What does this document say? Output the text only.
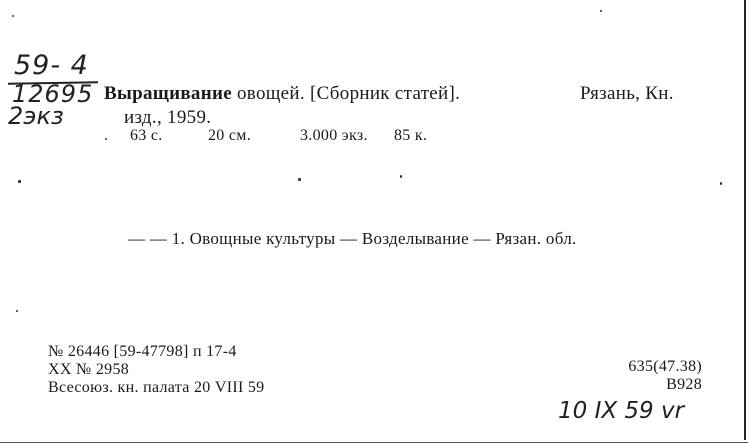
59- 4
12695
2экз
Выращивание овощей. [Сборник статей].	Рязань, Кн.
изд., 1959.
. 63 с.	20 см.	3.000 экз. 85 к.
— — 1. Овощные культуры — Возделывание — Рязан. обл.
№ 26446 [59-47798] п 17-4
XX № 2958
Всесоюз. кн. палата 20 VIII 59
635(47.38)
B928
10 IX 59 vr
